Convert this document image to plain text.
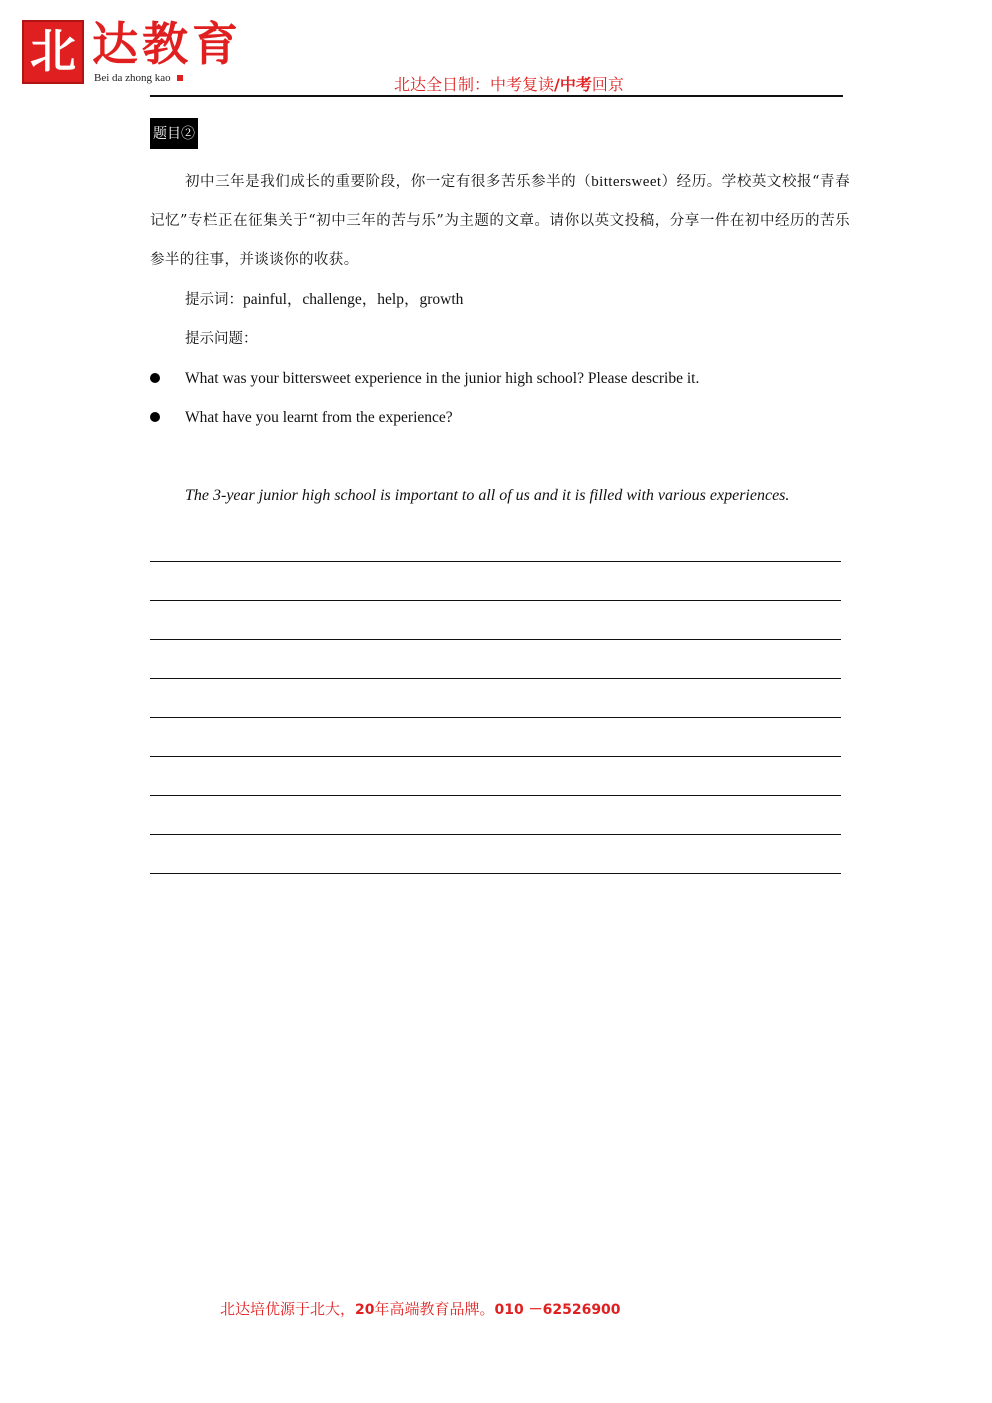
北 达教育
Bei da zhong kao	北达全日制：中考复读/中考回京
题目②

初中三年是我们成长的重要阶段，你一定有很多苦乐参半的（bittersweet）经历。学校英文校报“青春记忆”专栏正在征集关于“初中三年的苦与乐”为主题的文章。请你以英文投稿，分享一件在初中经历的苦乐参半的往事，并谈谈你的收获。

提示词：painful，challenge，help，growth
提示问题：
What was your bittersweet experience in the junior high school? Please describe it.
What have you learnt from the experience?
The 3-year junior high school is important to all of us and it is filled with various experiences.
北达培优源于北大，20年高端教育品牌。010 －62526900
